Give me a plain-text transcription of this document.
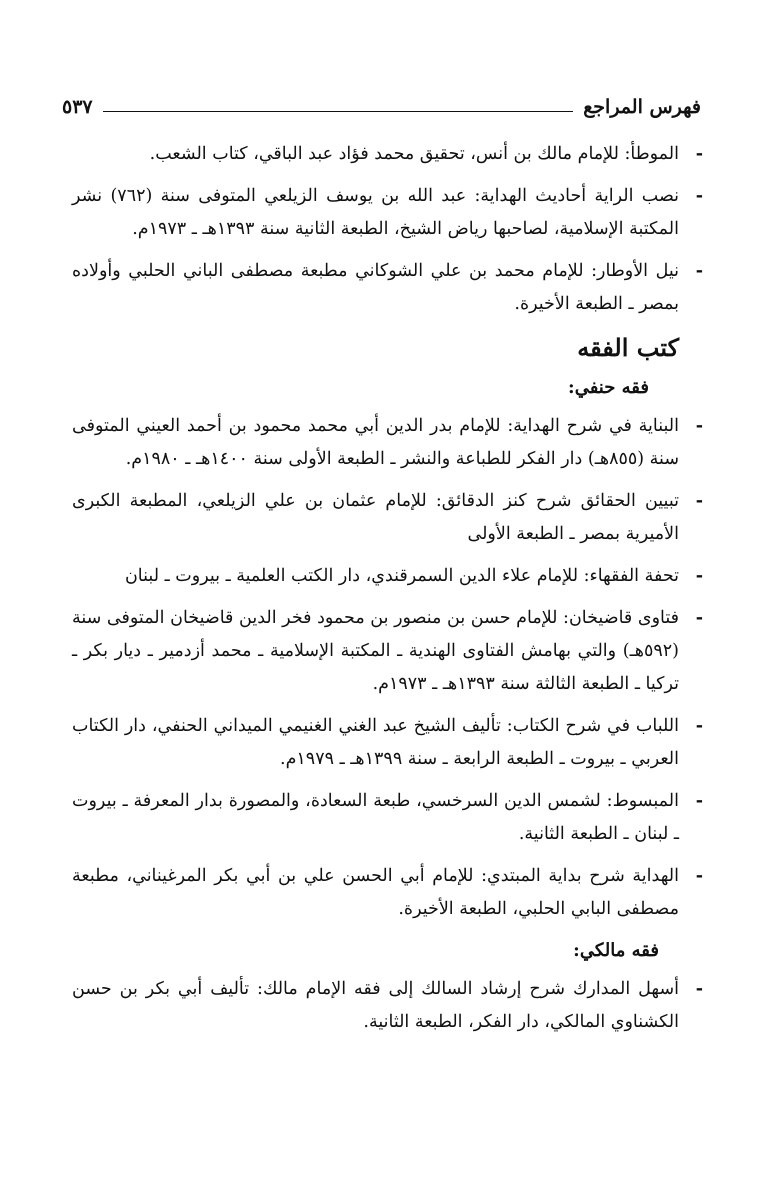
فهرس المراجع
٥٣٧
-
الموطأ: للإمام مالك بن أنس، تحقيق محمد فؤاد عبد الباقي، كتاب الشعب.
-
نصب الراية أحاديث الهداية: عبد الله بن يوسف الزيلعي المتوفى سنة (٧٦٢) نشر المكتبة الإسلامية، لصاحبها رياض الشيخ، الطبعة الثانية سنة ١٣٩٣هـ ـ ١٩٧٣م.
-
نيل الأوطار: للإمام محمد بن علي الشوكاني مطبعة مصطفى الباني الحلبي وأولاده بمصر ـ الطبعة الأخيرة.
كتب الفقه
فقه حنفي:
-
البناية في شرح الهداية: للإمام بدر الدين أبي محمد محمود بن أحمد العيني المتوفى سنة (٨٥٥هـ) دار الفكر للطباعة والنشر ـ الطبعة الأولى سنة ١٤٠٠هـ ـ ١٩٨٠م.
-
تبيين الحقائق شرح كنز الدقائق: للإمام عثمان بن علي الزيلعي، المطبعة الكبرى الأميرية بمصر ـ الطبعة الأولى
-
تحفة الفقهاء: للإمام علاء الدين السمرقندي، دار الكتب العلمية ـ بيروت ـ لبنان
-
فتاوى قاضيخان: للإمام حسن بن منصور بن محمود فخر الدين قاضيخان المتوفى سنة (٥٩٢هـ) والتي بهامش الفتاوى الهندية ـ المكتبة الإسلامية ـ محمد أزدمير ـ ديار بكر ـ تركيا ـ الطبعة الثالثة سنة ١٣٩٣هـ ـ ١٩٧٣م.
-
اللباب في شرح الكتاب: تأليف الشيخ عبد الغني الغنيمي الميداني الحنفي، دار الكتاب العربي ـ بيروت ـ الطبعة الرابعة ـ سنة ١٣٩٩هـ ـ ١٩٧٩م.
-
المبسوط: لشمس الدين السرخسي، طبعة السعادة، والمصورة بدار المعرفة ـ بيروت ـ لبنان ـ الطبعة الثانية.
-
الهداية شرح بداية المبتدي: للإمام أبي الحسن علي بن أبي بكر المرغيناني، مطبعة مصطفى البابي الحلبي، الطبعة الأخيرة.
فقه مالكي:
-
أسهل المدارك شرح إرشاد السالك إلى فقه الإمام مالك: تأليف أبي بكر بن حسن الكشناوي المالكي، دار الفكر، الطبعة الثانية.
